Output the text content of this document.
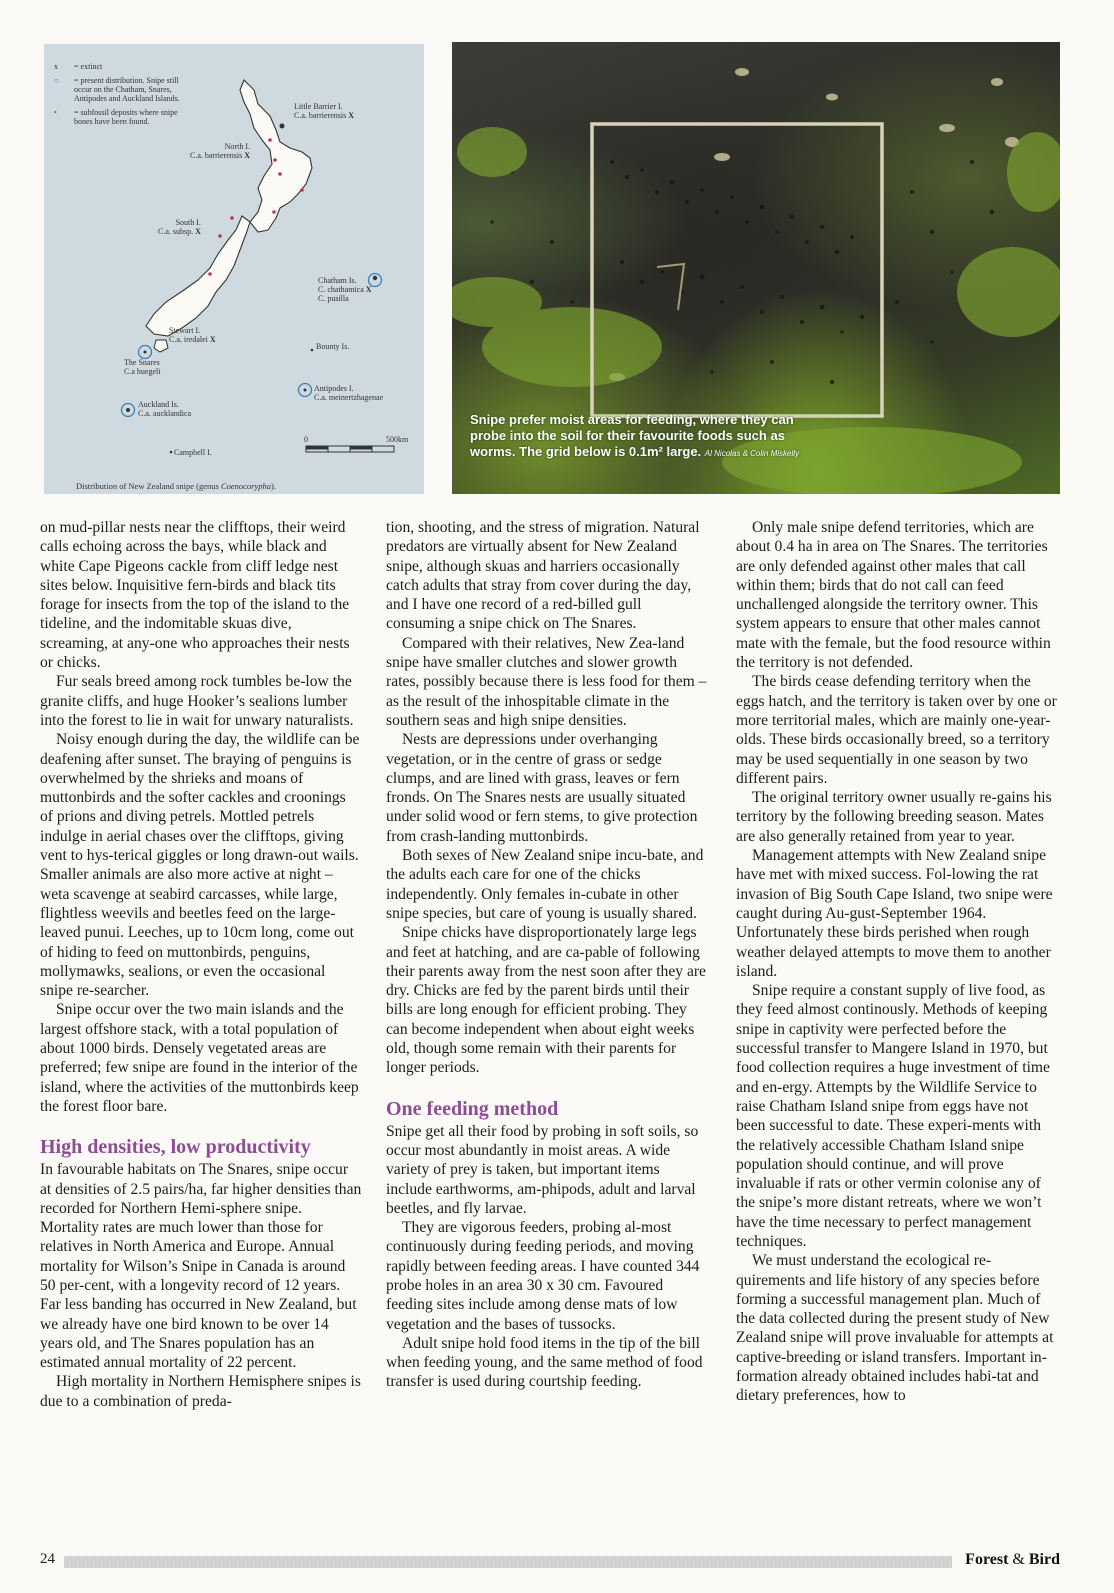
x	= extinct
○	= present distribution. Snipe still occur on the Chatham, Snares, Antipodes and Auckland Islands.
•	= subfossil deposits where snipe bones have been found.
Little Barrier I.
C.a. barrierensis X
North I.
C.a. barrierensis X
South I.
C.a. subsp. X
Chatham Is.
C. chathamica X
C. pusilla
Stewart I.
C.a. iredalei X
The Snares
C.a huegeli
Bounty Is.
Antipodes I.
C.a. meinertzhagenae
Auckland Is.
C.a. aucklandica
Campbell I.
0	500km
Distribution of New Zealand snipe (genus Coenocorypha).
Snipe prefer moist areas for feeding, where they can probe into the soil for their favourite foods such as worms. The grid below is 0.1m² large. Al Nicolas & Colin Miskelly

on mud-pillar nests near the clifftops, their weird calls echoing across the bays, while black and white Cape Pigeons cackle from cliff ledge nest sites below. Inquisitive fern-birds and black tits forage for insects from the top of the island to the tideline, and the indomitable skuas dive, screaming, at any-one who approaches their nests or chicks.

Fur seals breed among rock tumbles be-low the granite cliffs, and huge Hooker’s sealions lumber into the forest to lie in wait for unwary naturalists.

Noisy enough during the day, the wildlife can be deafening after sunset. The braying of penguins is overwhelmed by the shrieks and moans of muttonbirds and the softer cackles and croonings of prions and diving petrels. Mottled petrels indulge in aerial chases over the clifftops, giving vent to hys-terical giggles or long drawn-out wails. Smaller animals are also more active at night – weta scavenge at seabird carcasses, while large, flightless weevils and beetles feed on the large-leaved punui. Leeches, up to 10cm long, come out of hiding to feed on muttonbirds, penguins, mollymawks, sealions, or even the occasional snipe re-searcher.

Snipe occur over the two main islands and the largest offshore stack, with a total population of about 1000 birds. Densely vegetated areas are preferred; few snipe are found in the interior of the island, where the activities of the muttonbirds keep the forest floor bare.

High densities, low productivity

In favourable habitats on The Snares, snipe occur at densities of 2.5 pairs/ha, far higher densities than recorded for Northern Hemi-sphere snipe. Mortality rates are much lower than those for relatives in North America and Europe. Annual mortality for Wilson’s Snipe in Canada is around 50 per-cent, with a longevity record of 12 years. Far less banding has occurred in New Zealand, but we already have one bird known to be over 14 years old, and The Snares population has an estimated annual mortality of 22 percent.

High mortality in Northern Hemisphere snipes is due to a combination of preda-

tion, shooting, and the stress of migration. Natural predators are virtually absent for New Zealand snipe, although skuas and harriers occasionally catch adults that stray from cover during the day, and I have one record of a red-billed gull consuming a snipe chick on The Snares.

Compared with their relatives, New Zea-land snipe have smaller clutches and slower growth rates, possibly because there is less food for them – as the result of the inhospitable climate in the southern seas and high snipe densities.

Nests are depressions under overhanging vegetation, or in the centre of grass or sedge clumps, and are lined with grass, leaves or fern fronds. On The Snares nests are usually situated under solid wood or fern stems, to give protection from crash-landing muttonbirds.

Both sexes of New Zealand snipe incu-bate, and the adults each care for one of the chicks independently. Only females in-cubate in other snipe species, but care of young is usually shared.

Snipe chicks have disproportionately large legs and feet at hatching, and are ca-pable of following their parents away from the nest soon after they are dry. Chicks are fed by the parent birds until their bills are long enough for efficient probing. They can become independent when about eight weeks old, though some remain with their parents for longer periods.

One feeding method

Snipe get all their food by probing in soft soils, so occur most abundantly in moist areas. A wide variety of prey is taken, but important items include earthworms, am-phipods, adult and larval beetles, and fly larvae.

They are vigorous feeders, probing al-most continuously during feeding periods, and moving rapidly between feeding areas. I have counted 344 probe holes in an area 30 x 30 cm. Favoured feeding sites include among dense mats of low vegetation and the bases of tussocks.

Adult snipe hold food items in the tip of the bill when feeding young, and the same method of food transfer is used during courtship feeding.

Only male snipe defend territories, which are about 0.4 ha in area on The Snares. The territories are only defended against other males that call within them; birds that do not call can feed unchallenged alongside the territory owner. This system appears to ensure that other males cannot mate with the female, but the food resource within the territory is not defended.

The birds cease defending territory when the eggs hatch, and the territory is taken over by one or more territorial males, which are mainly one-year-olds. These birds occasionally breed, so a territory may be used sequentially in one season by two different pairs.

The original territory owner usually re-gains his territory by the following breeding season. Mates are also generally retained from year to year.

Management attempts with New Zealand snipe have met with mixed success. Fol-lowing the rat invasion of Big South Cape Island, two snipe were caught during Au-gust-September 1964. Unfortunately these birds perished when rough weather delayed attempts to move them to another island.

Snipe require a constant supply of live food, as they feed almost continously. Methods of keeping snipe in captivity were perfected before the successful transfer to Mangere Island in 1970, but food collection requires a huge investment of time and en-ergy. Attempts by the Wildlife Service to raise Chatham Island snipe from eggs have not been successful to date. These experi-ments with the relatively accessible Chatham Island snipe population should continue, and will prove invaluable if rats or other vermin colonise any of the snipe’s more distant retreats, where we won’t have the time necessary to perfect management techniques.

We must understand the ecological re-quirements and life history of any species before forming a successful management plan. Much of the data collected during the present study of New Zealand snipe will prove invaluable for attempts at captive-breeding or island transfers. Important in-formation already obtained includes habi-tat and dietary preferences, how to

24	Forest & Bird
